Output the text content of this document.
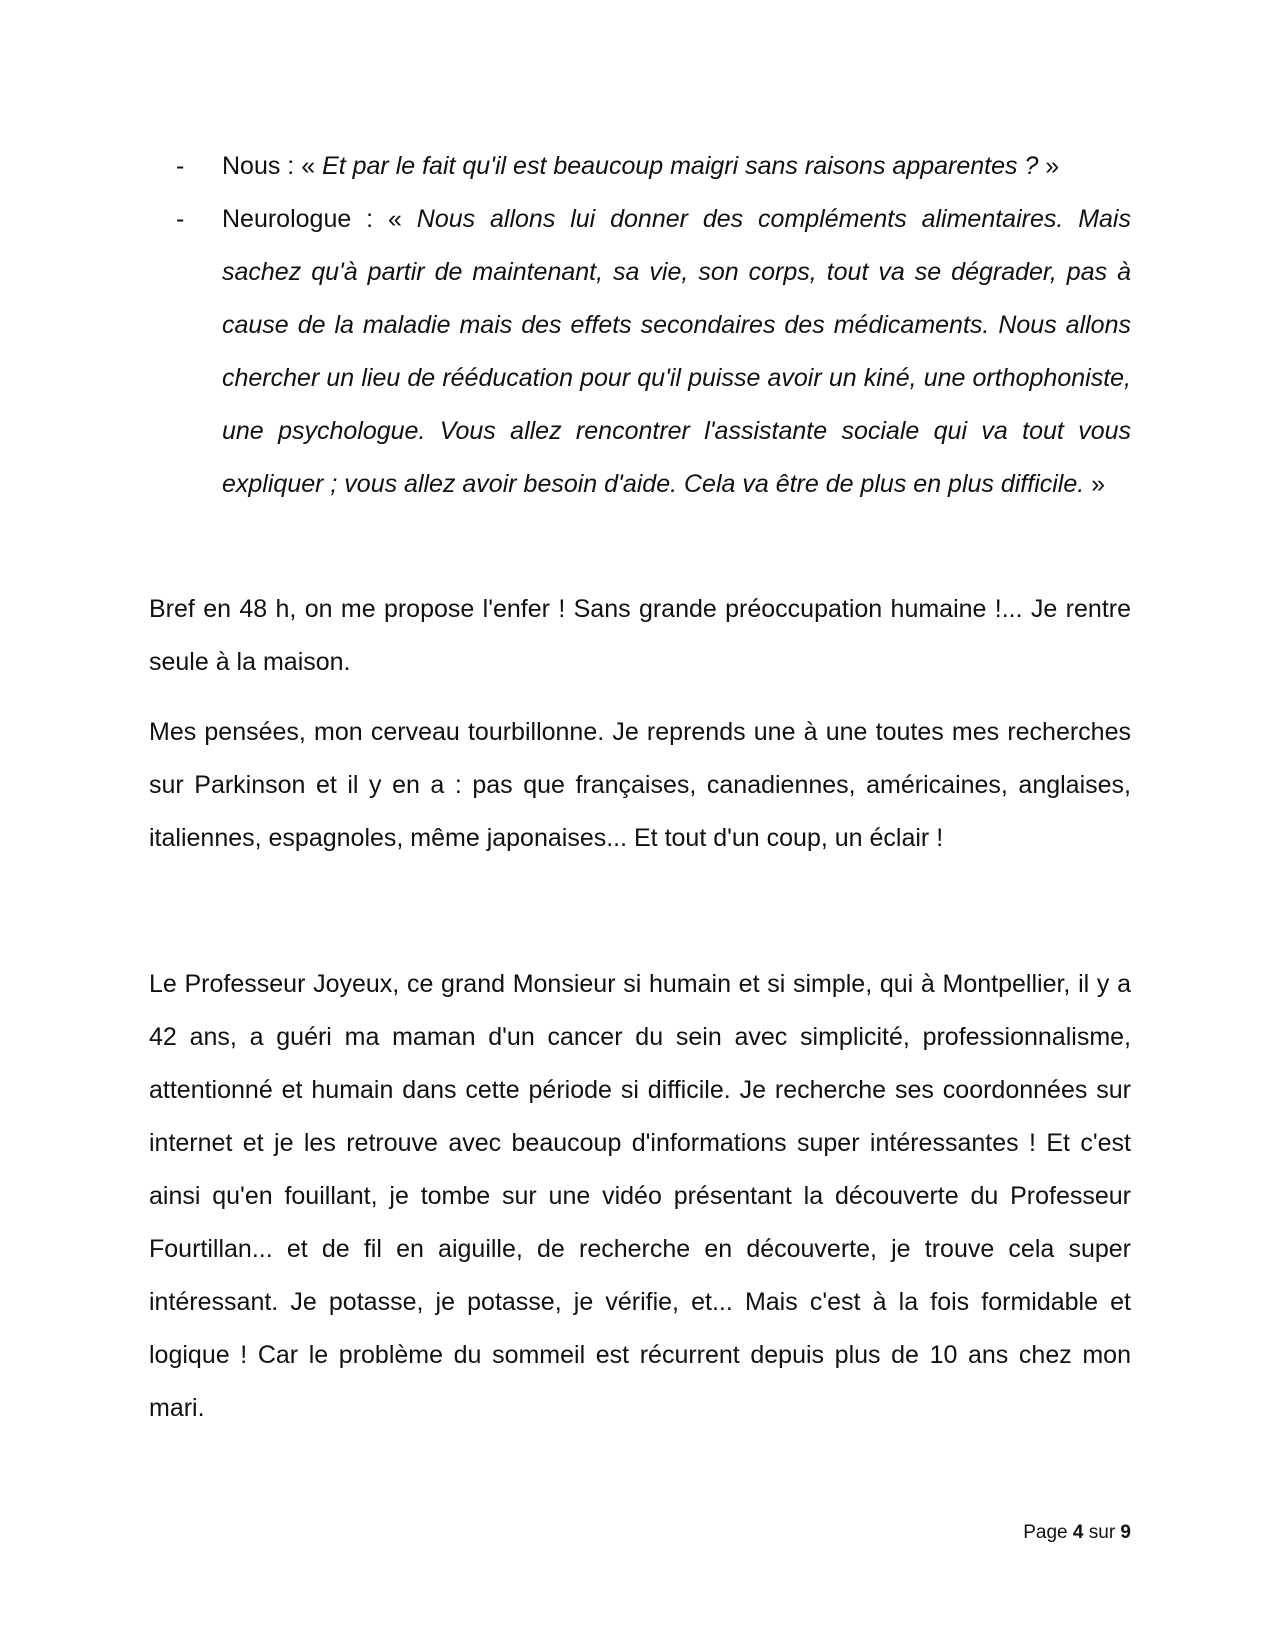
-	Nous : « Et par le fait qu'il est beaucoup maigri sans raisons apparentes ? »
-	Neurologue : « Nous allons lui donner des compléments alimentaires. Mais sachez qu'à partir de maintenant, sa vie, son corps, tout va se dégrader, pas à cause de la maladie mais des effets secondaires des médicaments. Nous allons chercher un lieu de rééducation pour qu'il puisse avoir un kiné, une orthophoniste, une psychologue. Vous allez rencontrer l'assistante sociale qui va tout vous expliquer ; vous allez avoir besoin d'aide. Cela va être de plus en plus difficile. »

Bref en 48 h, on me propose l'enfer ! Sans grande préoccupation humaine !... Je rentre seule à la maison.

Mes pensées, mon cerveau tourbillonne. Je reprends une à une toutes mes recherches sur Parkinson et il y en a : pas que françaises, canadiennes, américaines, anglaises, italiennes, espagnoles, même japonaises... Et tout d'un coup, un éclair !

Le Professeur Joyeux, ce grand Monsieur si humain et si simple, qui à Montpellier, il y a 42 ans, a guéri ma maman d'un cancer du sein avec simplicité, professionnalisme, attentionné et humain dans cette période si difficile. Je recherche ses coordonnées sur internet et je les retrouve avec beaucoup d'informations super intéressantes ! Et c'est ainsi qu'en fouillant, je tombe sur une vidéo présentant la découverte du Professeur Fourtillan... et de fil en aiguille, de recherche en découverte, je trouve cela super intéressant. Je potasse, je potasse, je vérifie, et... Mais c'est à la fois formidable et logique ! Car le problème du sommeil est récurrent depuis plus de 10 ans chez mon mari.

Page 4 sur 9
